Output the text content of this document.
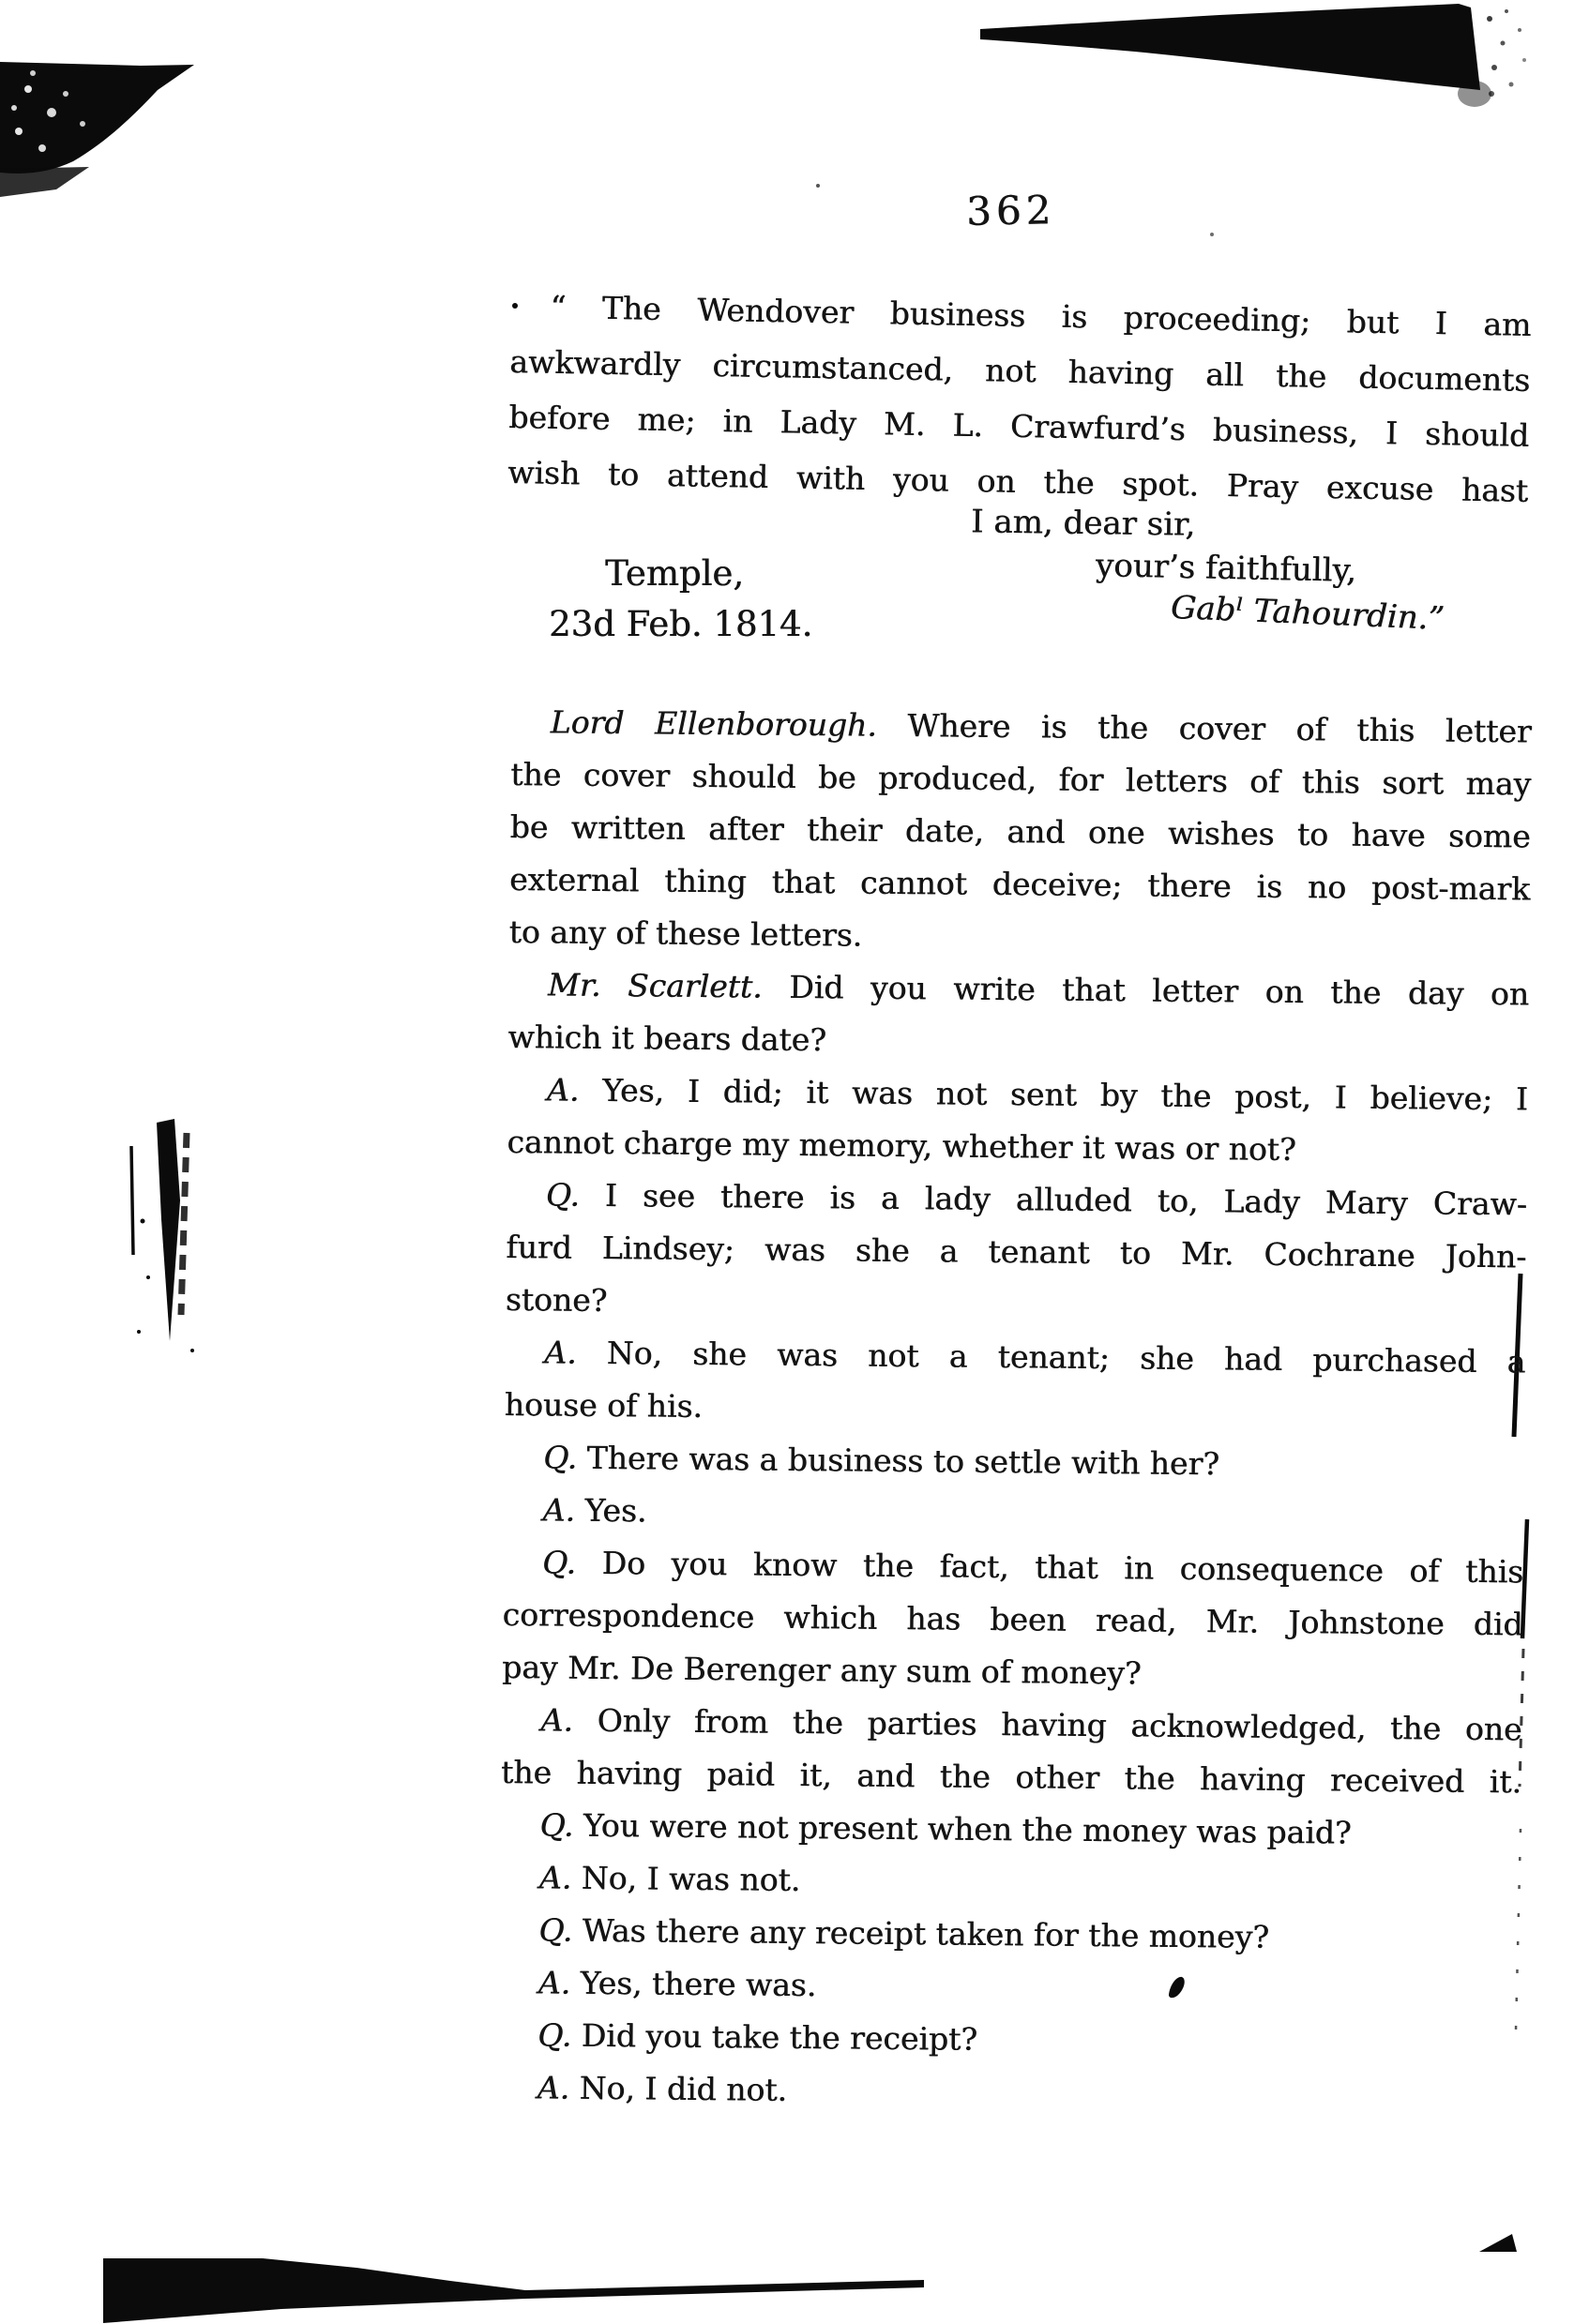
362
“ The Wendover business is proceeding; but I am
awkwardly circumstanced, not having all the documents
before me; in Lady M. L. Crawfurd’s business, I should
wish to attend with you on the spot. Pray excuse hast
I am, dear sir,
Temple,	your’s faithfully,
23d Feb. 1814.	Gabˡ Tahourdin.”
Lord Ellenborough. Where is the cover of this letter
the cover should be produced, for letters of this sort may
be written after their date, and one wishes to have some
external thing that cannot deceive; there is no post-mark
to any of these letters.
Mr. Scarlett. Did you write that letter on the day on
which it bears date?
A. Yes, I did; it was not sent by the post, I believe; I
cannot charge my memory, whether it was or not?
Q. I see there is a lady alluded to, Lady Mary Craw-
furd Lindsey; was she a tenant to Mr. Cochrane John-
stone?
A. No, she was not a tenant; she had purchased a
house of his.
Q. There was a business to settle with her?
A. Yes.
Q. Do you know the fact, that in consequence of this
correspondence which has been read, Mr. Johnstone did
pay Mr. De Berenger any sum of money?
A. Only from the parties having acknowledged, the one
the having paid it, and the other the having received it.
Q. You were not present when the money was paid?
A. No, I was not.
Q. Was there any receipt taken for the money?
A. Yes, there was.
Q. Did you take the receipt?
A. No, I did not.
